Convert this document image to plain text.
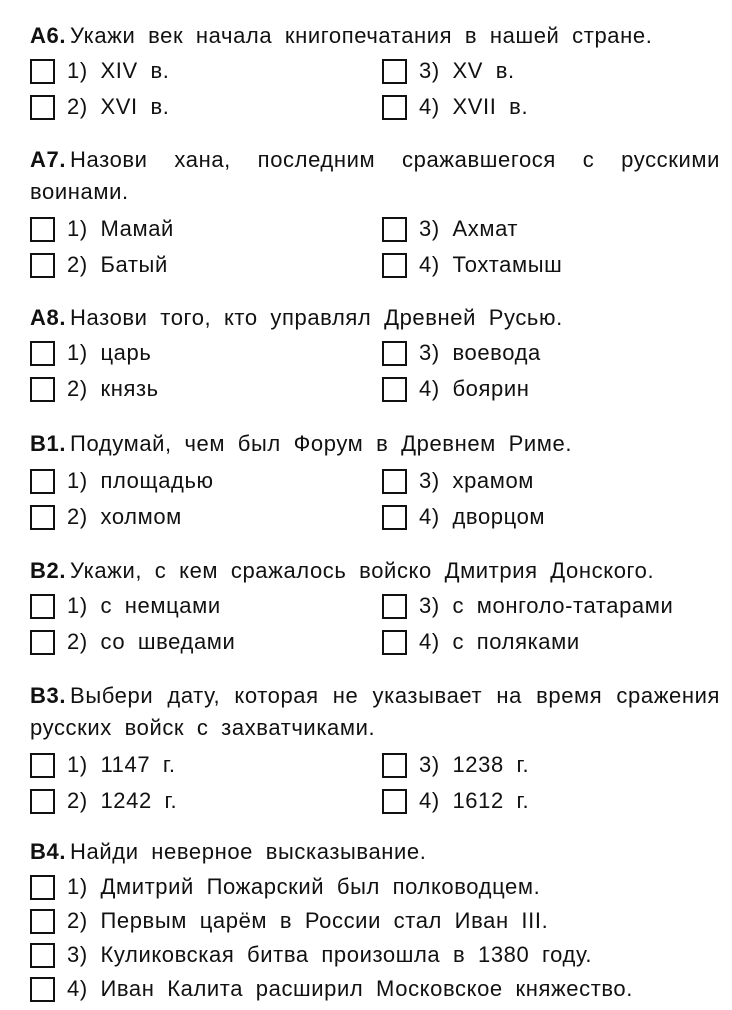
А6. Укажи век начала книгопечатания в нашей стране.

1) XIV в.
2) XVI в.
3) XV в.
4) XVII в.

А7. Назови хана, последним сражавшегося с русскими воинами.

1) Мамай
2) Батый
3) Ахмат
4) Тохтамыш

А8. Назови того, кто управлял Древней Русью.

1) царь
2) князь
3) воевода
4) боярин

В1. Подумай, чем был Форум в Древнем Риме.

1) площадью
2) холмом
3) храмом
4) дворцом

В2. Укажи, с кем сражалось войско Дмитрия Донского.

1) с немцами
2) со шведами
3) с монголо-татарами
4) с поляками

В3. Выбери дату, которая не указывает на время сражения русских войск с захватчиками.

1) 1147 г.
2) 1242 г.
3) 1238 г.
4) 1612 г.

В4. Найди неверное высказывание.

1) Дмитрий Пожарский был полководцем.
2) Первым царём в России стал Иван III.
3) Куликовская битва произошла в 1380 году.
4) Иван Калита расширил Московское княжество.
